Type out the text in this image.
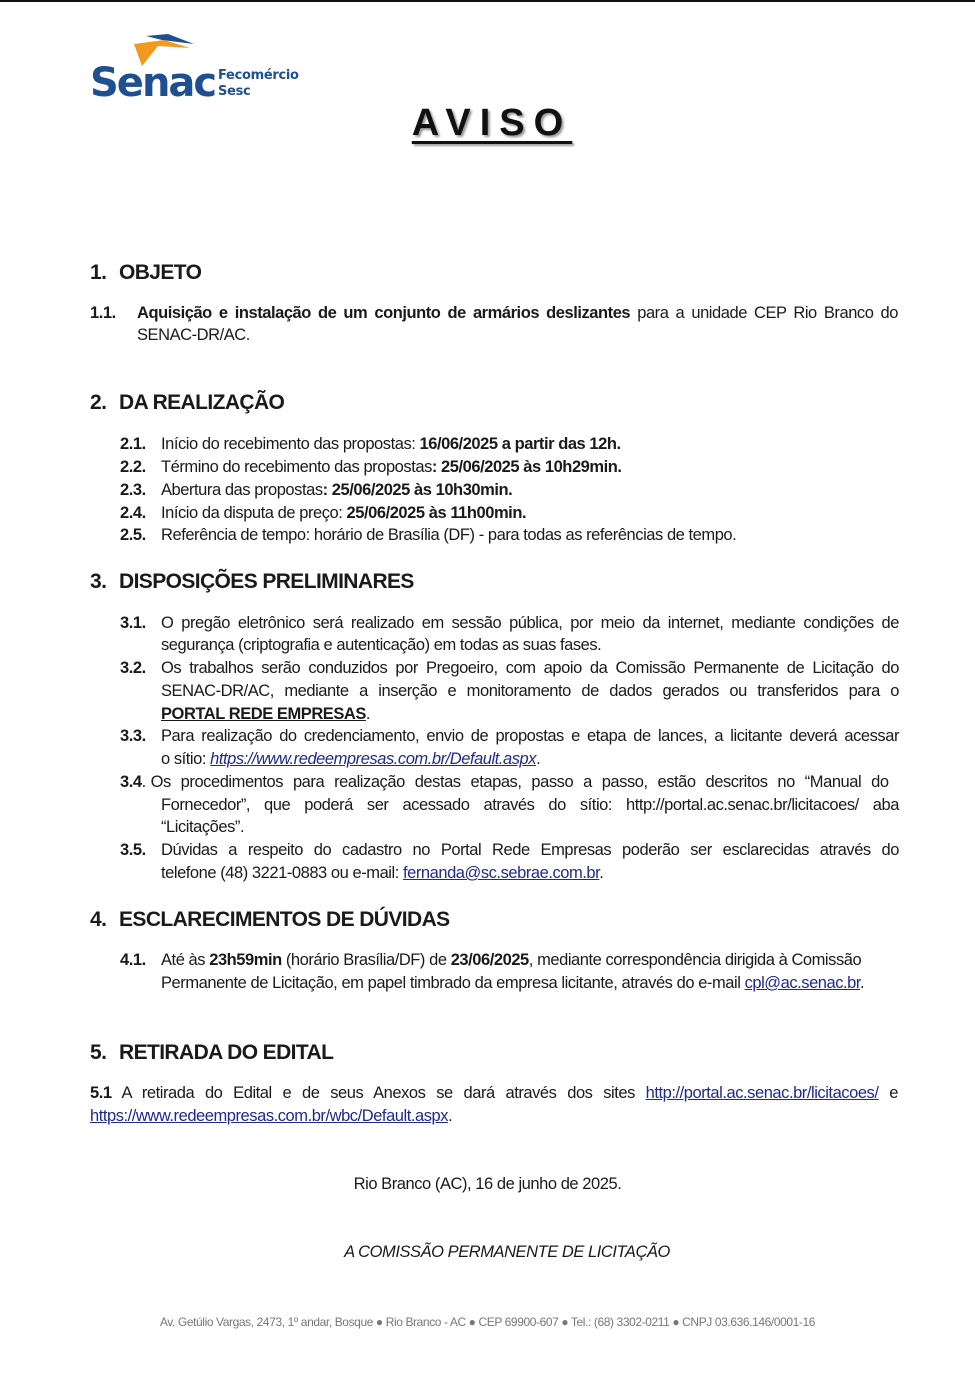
Senac Fecomércio
Sesc
AVISO
1. OBJETO
1.1. Aquisição e instalação de um conjunto de armários deslizantes para a unidade CEP Rio Branco do
SENAC-DR/AC.
2. DA REALIZAÇÃO
2.1. Início do recebimento das propostas: 16/06/2025 a partir das 12h.
2.2. Término do recebimento das propostas: 25/06/2025 às 10h29min.
2.3. Abertura das propostas: 25/06/2025 às 10h30min.
2.4. Início da disputa de preço: 25/06/2025 às 11h00min.
2.5. Referência de tempo: horário de Brasília (DF) - para todas as referências de tempo.
3. DISPOSIÇÕES PRELIMINARES
3.1. O pregão eletrônico será realizado em sessão pública, por meio da internet, mediante condições de
segurança (criptografia e autenticação) em todas as suas fases.
3.2. Os trabalhos serão conduzidos por Pregoeiro, com apoio da Comissão Permanente de Licitação do
SENAC-DR/AC, mediante a inserção e monitoramento de dados gerados ou transferidos para o
PORTAL REDE EMPRESAS.
3.3. Para realização do credenciamento, envio de propostas e etapa de lances, a licitante deverá acessar
o sítio: https://www.redeempresas.com.br/Default.aspx.
3.4. Os procedimentos para realização destas etapas, passo a passo, estão descritos no “Manual do
Fornecedor”, que poderá ser acessado através do sítio: http://portal.ac.senac.br/licitacoes/ aba
“Licitações”.
3.5. Dúvidas a respeito do cadastro no Portal Rede Empresas poderão ser esclarecidas através do
telefone (48) 3221-0883 ou e-mail: fernanda@sc.sebrae.com.br.
4. ESCLARECIMENTOS DE DÚVIDAS
4.1. Até às 23h59min (horário Brasília/DF) de 23/06/2025, mediante correspondência dirigida à Comissão
Permanente de Licitação, em papel timbrado da empresa licitante, através do e-mail cpl@ac.senac.br.
5. RETIRADA DO EDITAL
5.1 A retirada do Edital e de seus Anexos se dará através dos sites http://portal.ac.senac.br/licitacoes/ e
https://www.redeempresas.com.br/wbc/Default.aspx.
Rio Branco (AC), 16 de junho de 2025.
A COMISSÃO PERMANENTE DE LICITAÇÃO
Av. Getúlio Vargas, 2473, 1º andar, Bosque ● Rio Branco - AC ● CEP 69900-607 ● Tel.: (68) 3302-0211 ● CNPJ 03.636.146/0001-16
